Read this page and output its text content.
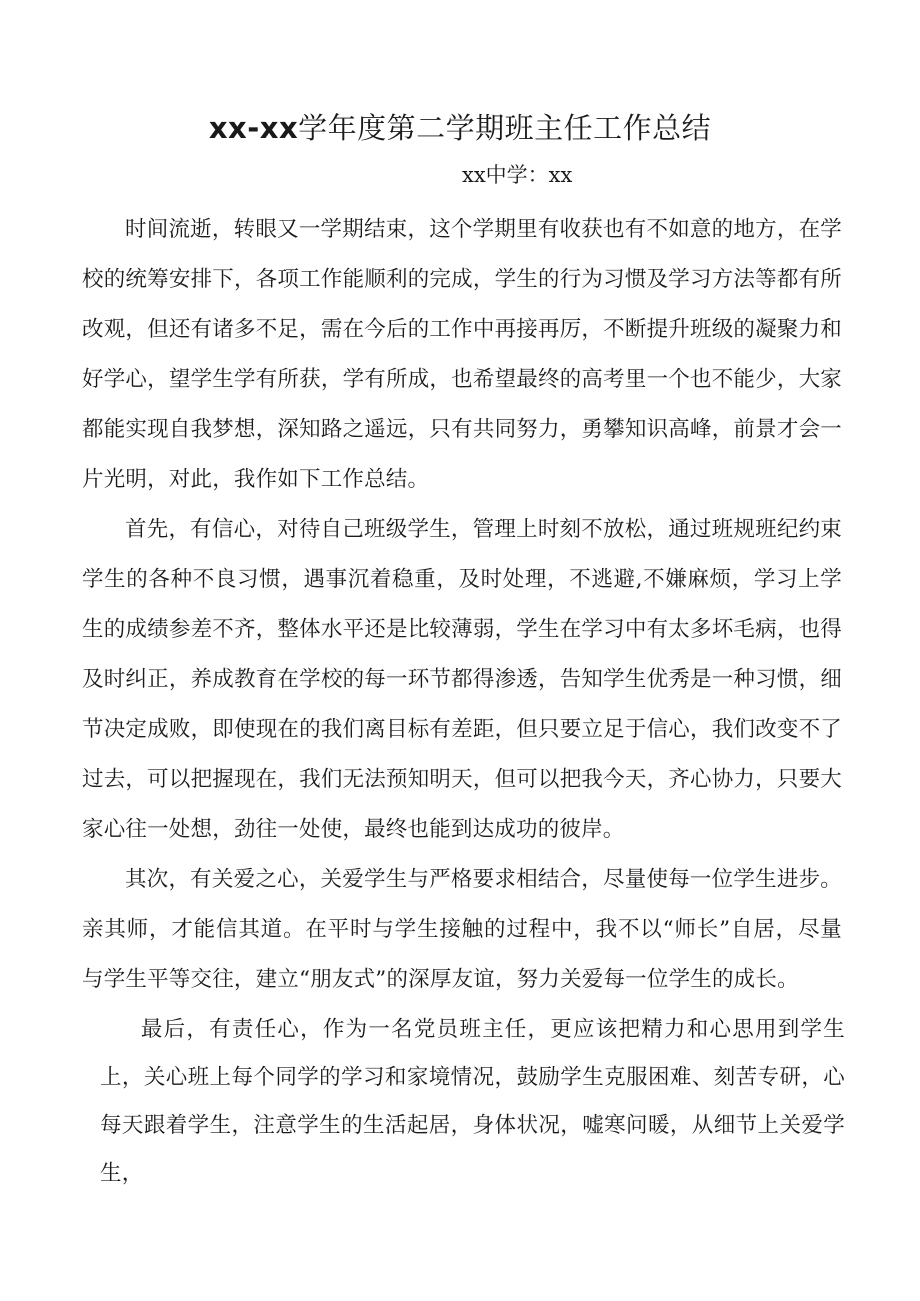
xx-xx学年度第二学期班主任工作总结

xx中学：xx

时间流逝，转眼又一学期结束，这个学期里有收获也有不如意的地方，在学校的统筹安排下，各项工作能顺利的完成，学生的行为习惯及学习方法等都有所改观，但还有诸多不足，需在今后的工作中再接再厉，不断提升班级的凝聚力和好学心，望学生学有所获，学有所成，也希望最终的高考里一个也不能少，大家都能实现自我梦想，深知路之遥远，只有共同努力，勇攀知识高峰，前景才会一片光明，对此，我作如下工作总结。

首先，有信心，对待自己班级学生，管理上时刻不放松，通过班规班纪约束学生的各种不良习惯，遇事沉着稳重，及时处理，不逃避,不嫌麻烦，学习上学生的成绩参差不齐，整体水平还是比较薄弱，学生在学习中有太多坏毛病，也得及时纠正，养成教育在学校的每一环节都得渗透，告知学生优秀是一种习惯，细节决定成败，即使现在的我们离目标有差距，但只要立足于信心，我们改变不了过去，可以把握现在，我们无法预知明天，但可以把我今天，齐心协力，只要大家心往一处想，劲往一处使，最终也能到达成功的彼岸。

其次，有关爱之心，关爱学生与严格要求相结合，尽量使每一位学生进步。亲其师，才能信其道。在平时与学生接触的过程中，我不以“师长”自居，尽量与学生平等交往，建立“朋友式”的深厚友谊，努力关爱每一位学生的成长。

最后，有责任心，作为一名党员班主任，更应该把精力和心思用到学生上，关心班上每个同学的学习和家境情况，鼓励学生克服困难、刻苦专研，心每天跟着学生，注意学生的生活起居，身体状况，嘘寒问暖，从细节上关爱学生，
